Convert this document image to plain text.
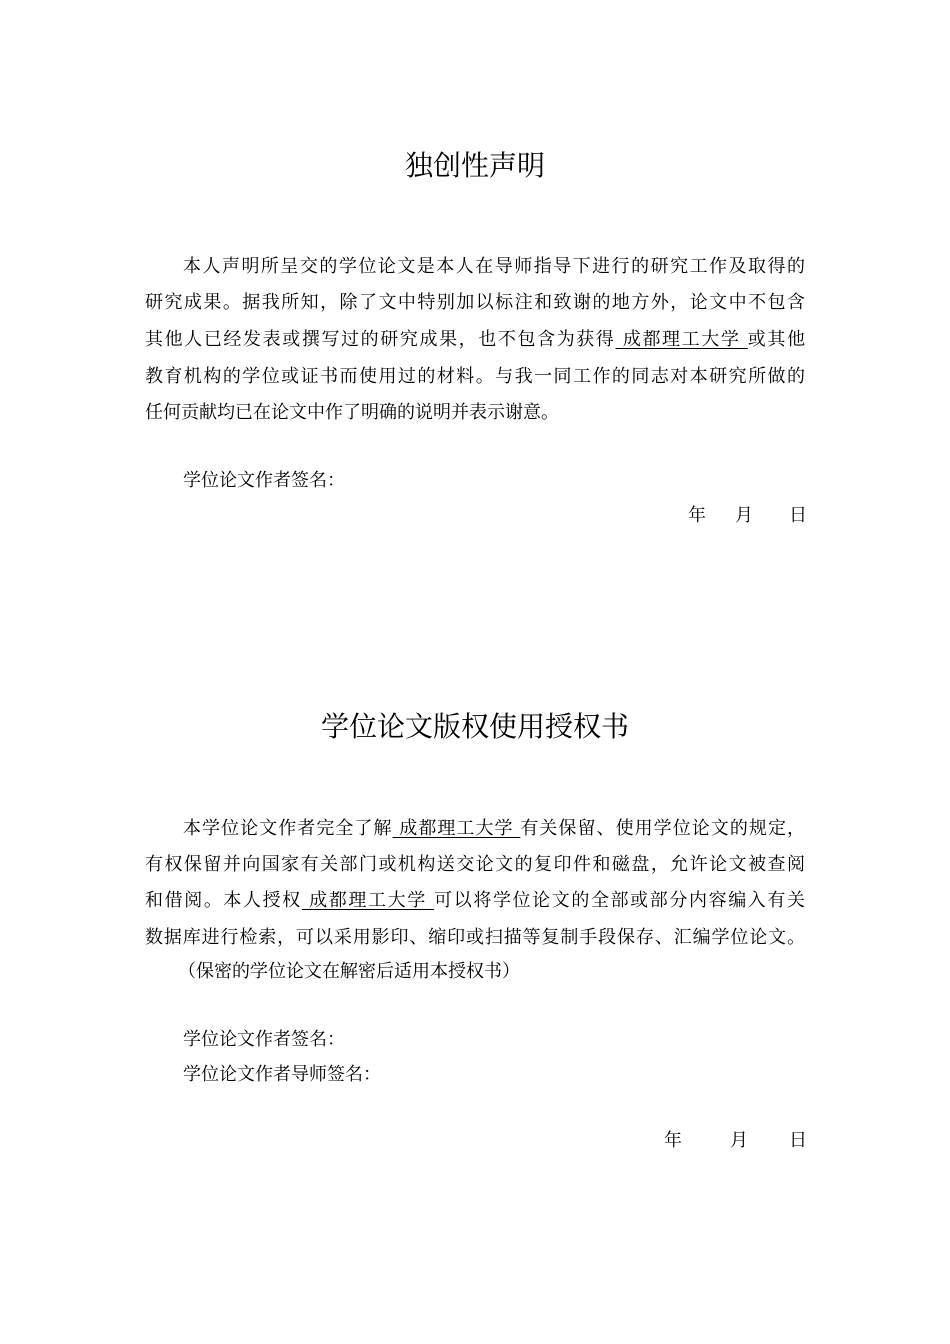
独创性声明

本人声明所呈交的学位论文是本人在导师指导下进行的研究工作及取得的

研究成果。据我所知，除了文中特别加以标注和致谢的地方外，论文中不包含

其他人已经发表或撰写过的研究成果，也不包含为获得 成都理工大学 或其他

教育机构的学位或证书而使用过的材料。与我一同工作的同志对本研究所做的

任何贡献均已在论文中作了明确的说明并表示谢意。

学位论文作者签名：

年 月 日
学位论文版权使用授权书

本学位论文作者完全了解 成都理工大学 有关保留、使用学位论文的规定，

有权保留并向国家有关部门或机构送交论文的复印件和磁盘，允许论文被查阅

和借阅。本人授权 成都理工大学 可以将学位论文的全部或部分内容编入有关

数据库进行检索，可以采用影印、缩印或扫描等复制手段保存、汇编学位论文。

（保密的学位论文在解密后适用本授权书）

学位论文作者签名：

学位论文作者导师签名：

年	月 日
